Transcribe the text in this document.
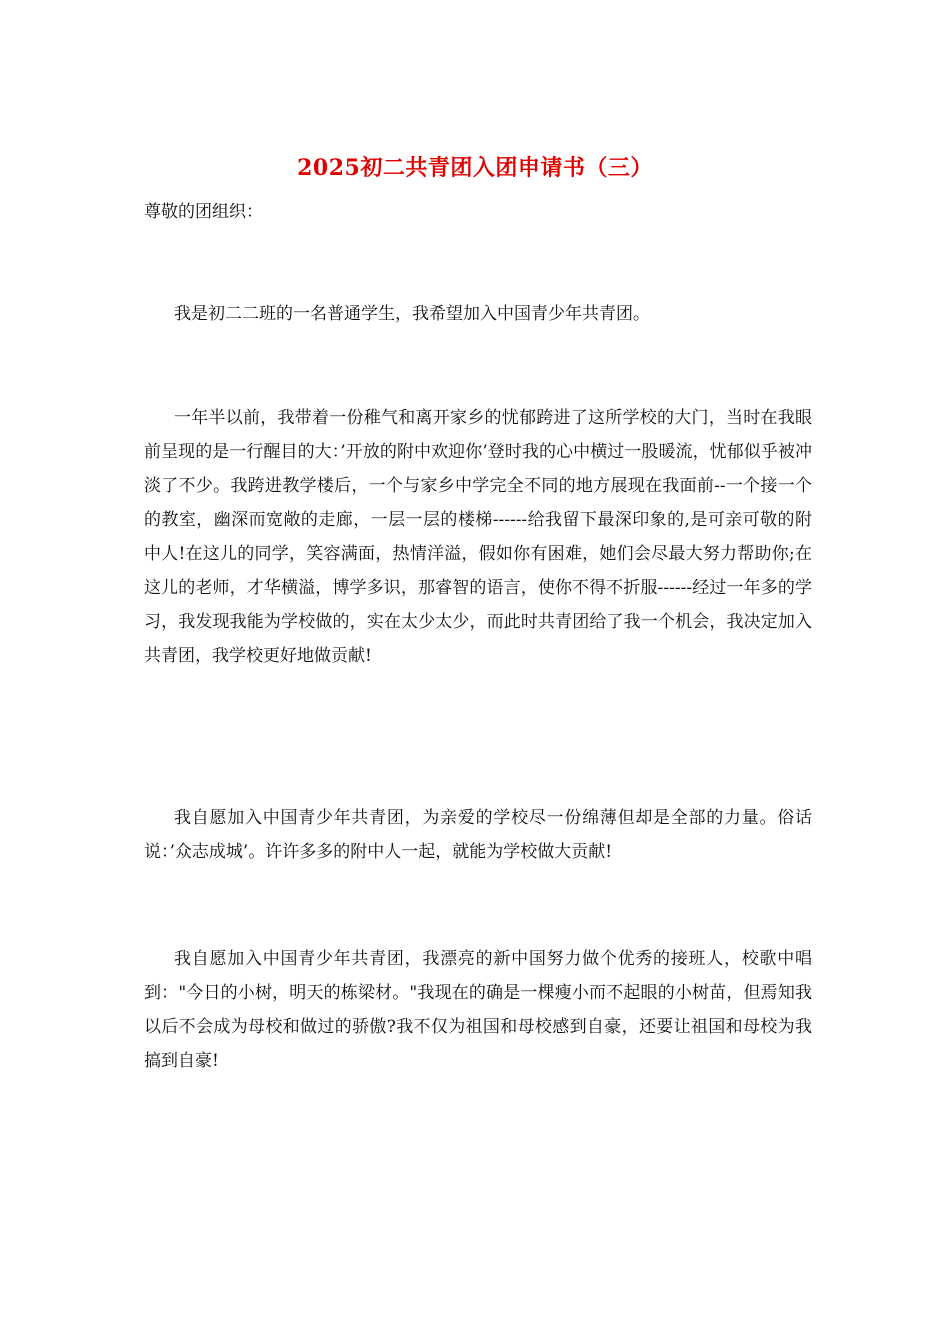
2025初二共青团入团申请书（三）

尊敬的团组织：

我是初二二班的一名普通学生，我希望加入中国青少年共青团。

一年半以前，我带着一份稚气和离开家乡的忧郁跨进了这所学校的大门，当时在我眼前呈现的是一行醒目的大：’开放的附中欢迎你’登时我的心中横过一股暖流，忧郁似乎被冲淡了不少。我跨进教学楼后，一个与家乡中学完全不同的地方展现在我面前--一个接一个的教室，幽深而宽敞的走廊，一层一层的楼梯------给我留下最深印象的,是可亲可敬的附中人!在这儿的同学，笑容满面，热情洋溢，假如你有困难，她们会尽最大努力帮助你;在这儿的老师，才华横溢，博学多识，那睿智的语言，使你不得不折服------经过一年多的学习，我发现我能为学校做的，实在太少太少，而此时共青团给了我一个机会，我决定加入共青团，我学校更好地做贡献!

我自愿加入中国青少年共青团，为亲爱的学校尽一份绵薄但却是全部的力量。俗话说：’众志成城’。许许多多的附中人一起，就能为学校做大贡献!

我自愿加入中国青少年共青团，我漂亮的新中国努力做个优秀的接班人，校歌中唱到："今日的小树，明天的栋梁材。"我现在的确是一棵瘦小而不起眼的小树苗，但焉知我以后不会成为母校和做过的骄傲?我不仅为祖国和母校感到自豪，还要让祖国和母校为我搞到自豪!
